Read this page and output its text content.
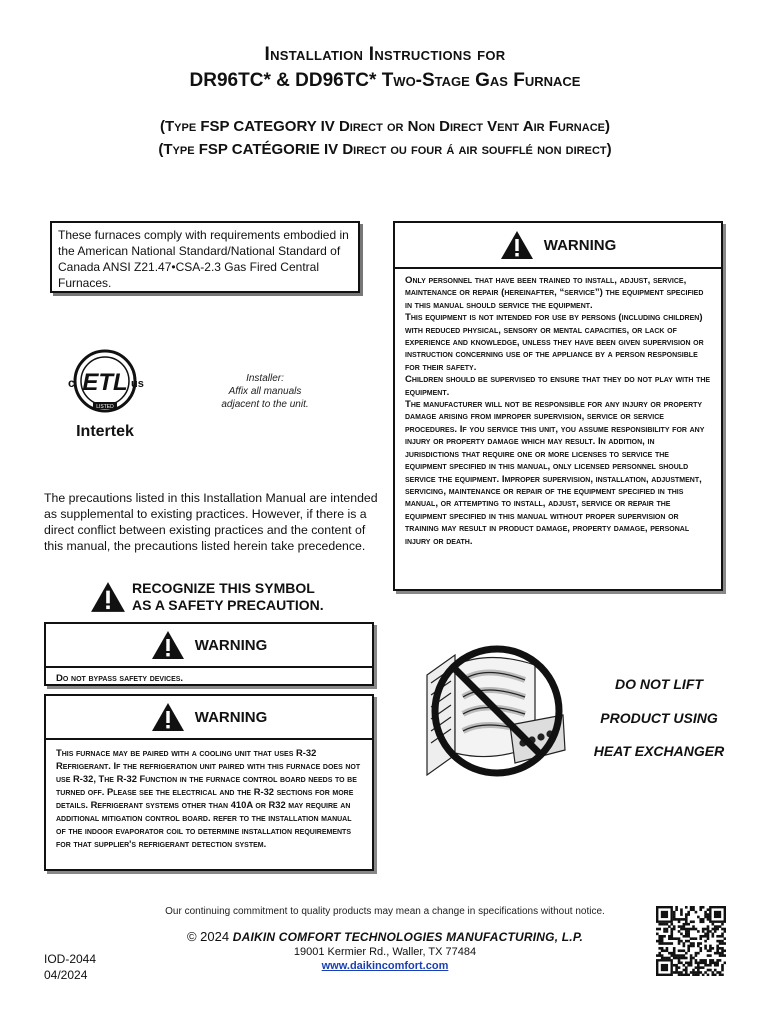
Installation Instructions for
DR96TC* & DD96TC* Two-Stage Gas Furnace
(Type FSP CATEGORY IV Direct or Non Direct Vent Air Furnace)
(Type FSP CATÉGORIE IV Direct ou four á air soufflé non direct)
These furnaces comply with requirements embodied in the American National Standard/National Standard of Canada ANSI Z21.47•CSA-2.3 Gas Fired Central Furnaces.
ETL
c	us
LISTED
Intertek
Installer:
Affix all manuals
adjacent to the unit.
WARNING
Only personnel that have been trained to install, adjust, service, maintenance or repair (hereinafter, “service”) the equipment specified in this manual should service the equipment.
This equipment is not intended for use by persons (including children) with reduced physical, sensory or mental capacities, or lack of experience and knowledge, unless they have been given supervision or instruction concerning use of the appliance by a person responsible for their safety.
Children should be supervised to ensure that they do not play with the equipment.
The manufacturer will not be responsible for any injury or property damage arising from improper supervision, service or service procedures. If you service this unit, you assume responsibility for any injury or property damage which may result. In addition, in jurisdictions that require one or more licenses to service the equipment specified in this manual, only licensed personnel should service the equipment. Improper supervision, installation, adjustment, servicing, maintenance or repair of the equipment specified in this manual, or attempting to install, adjust, service or repair the equipment specified in this manual without proper supervision or training may result in product damage, property damage, personal injury or death.
The precautions listed in this Installation Manual are intended as supplemental to existing practices. However, if there is a direct conflict between existing practices and the content of this manual, the precautions listed herein take precedence.
RECOGNIZE THIS SYMBOL
AS A SAFETY PRECAUTION.
WARNING
Do not bypass safety devices.
WARNING
This furnace may be paired with a cooling unit that uses R-32 Refrigerant. If the refrigeration unit paired with this furnace does not use R-32, The R-32 Function in the furnace control board needs to be turned off. Please see the electrical and the R-32 sections for more details. Refrigerant systems other than 410A or R32 may require an additional mitigation control board. refer to the installation manual of the indoor evaporator coil to determine installation requirements for that supplier's refrigerant detection system.
DO NOT LIFT
PRODUCT USING
HEAT EXCHANGER
Our continuing commitment to quality products may mean a change in specifications without notice.
© 2024 DAIKIN COMFORT TECHNOLOGIES MANUFACTURING, L.P.
19001 Kermier Rd., Waller, TX 77484
www.daikincomfort.com
IOD-2044
04/2024
